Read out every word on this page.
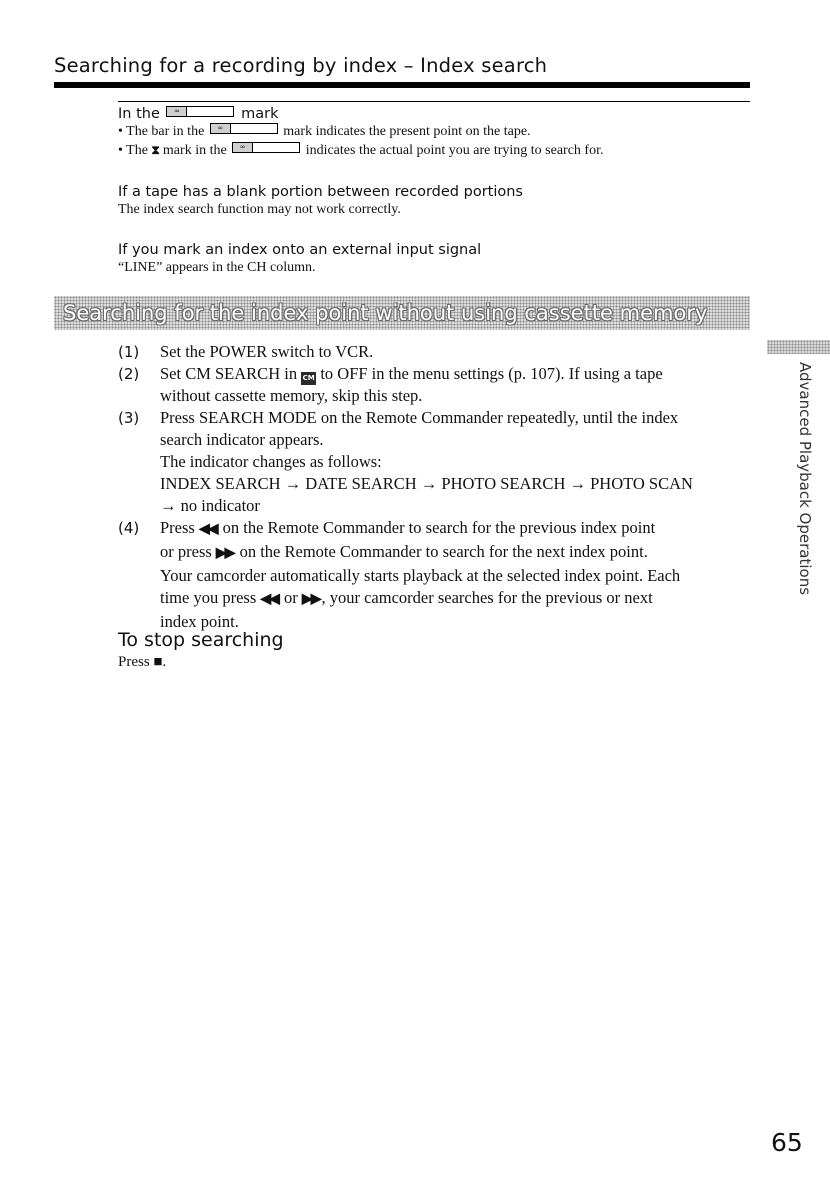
Searching for a recording by index – Index search
In the	∞	mark
• The bar in the	∞	mark indicates the present point on the tape.
• The ⧗ mark in the	∞	indicates the actual point you are trying to search for.
If a tape has a blank portion between recorded portions
The index search function may not work correctly.
If you mark an index onto an external input signal
“LINE” appears in the CH column.
Searching for the index point without using cassette memory
Advanced Playback Operations
(1)	Set the POWER switch to VCR.
(2)	Set CM SEARCH in CM to OFF in the menu settings (p. 107). If using a tape
without cassette memory, skip this step.
(3)	Press SEARCH MODE on the Remote Commander repeatedly, until the index
search indicator appears.
The indicator changes as follows:
INDEX SEARCH → DATE SEARCH → PHOTO SEARCH → PHOTO SCAN
→ no indicator
(4)	Press ◀◀ on the Remote Commander to search for the previous index point
or press ▶▶ on the Remote Commander to search for the next index point.
Your camcorder automatically starts playback at the selected index point. Each
time you press ◀◀ or ▶▶ , your camcorder searches for the previous or next
index point.
To stop searching
Press ■.
65
